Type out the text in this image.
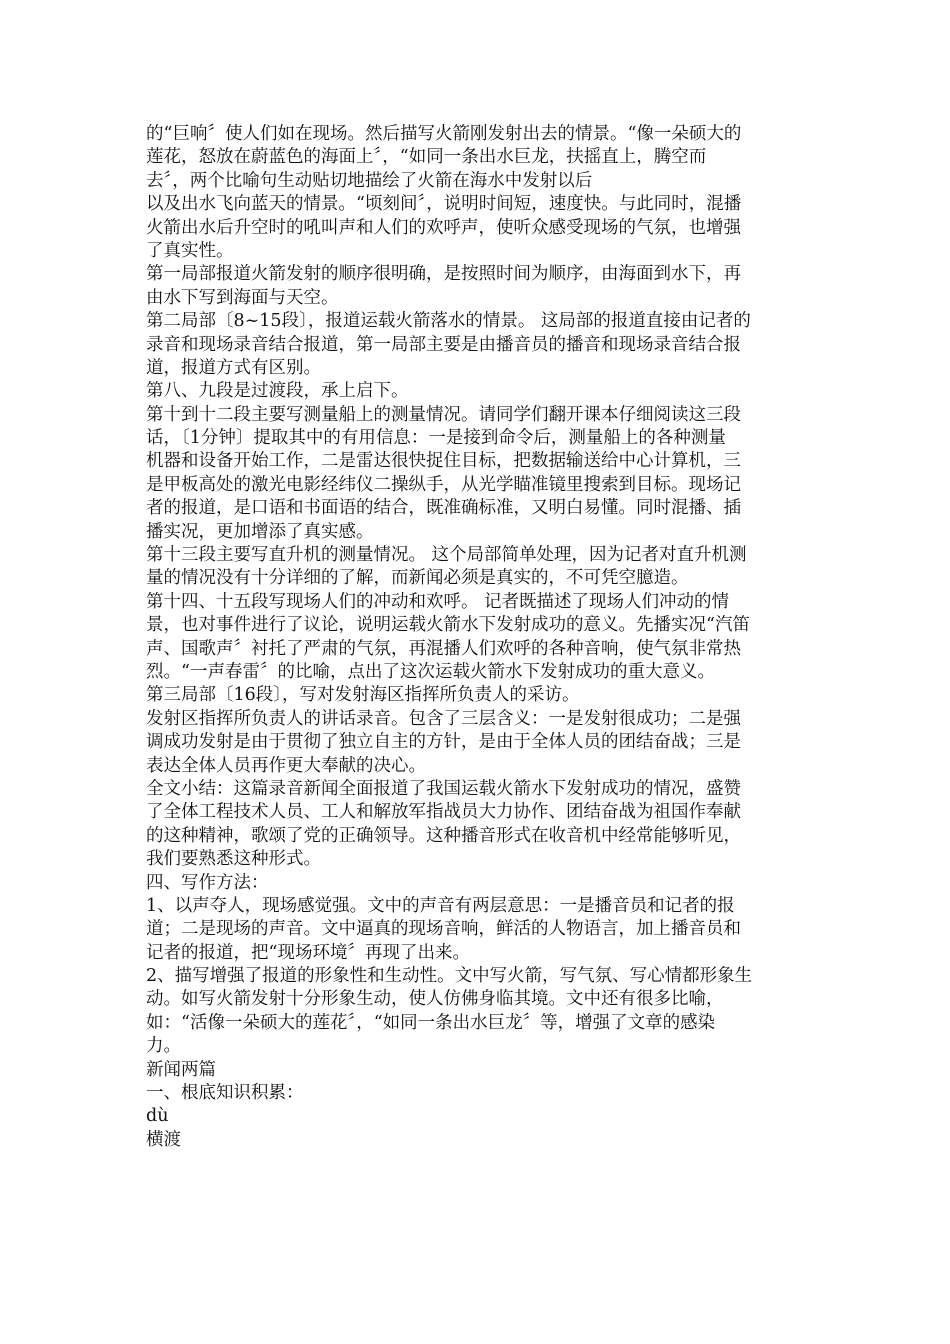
的“巨响〞使人们如在现场。然后描写火箭刚发射出去的情景。“像一朵硕大的
莲花，怒放在蔚蓝色的海面上〞，“如同一条出水巨龙，扶摇直上，腾空而
去〞，两个比喻句生动贴切地描绘了火箭在海水中发射以后
以及出水飞向蓝天的情景。“顷刻间〞，说明时间短，速度快。与此同时，混播
火箭出水后升空时的吼叫声和人们的欢呼声，使听众感受现场的气氛，也增强
了真实性。
第一局部报道火箭发射的顺序很明确，是按照时间为顺序，由海面到水下，再
由水下写到海面与天空。
第二局部〔8~15段〕，报道运载火箭落水的情景。 这局部的报道直接由记者的
录音和现场录音结合报道，第一局部主要是由播音员的播音和现场录音结合报
道，报道方式有区别。
第八、九段是过渡段，承上启下。
第十到十二段主要写测量船上的测量情况。请同学们翻开课本仔细阅读这三段
话，〔1分钟〕提取其中的有用信息：一是接到命令后，测量船上的各种测量
机器和设备开始工作，二是雷达很快捉住目标，把数据输送给中心计算机，三
是甲板高处的激光电影经纬仪二操纵手，从光学瞄准镜里搜索到目标。现场记
者的报道，是口语和书面语的结合，既准确标准，又明白易懂。同时混播、插
播实况，更加增添了真实感。
第十三段主要写直升机的测量情况。 这个局部简单处理，因为记者对直升机测
量的情况没有十分详细的了解，而新闻必须是真实的，不可凭空臆造。
第十四、十五段写现场人们的冲动和欢呼。 记者既描述了现场人们冲动的情
景，也对事件进行了议论，说明运载火箭水下发射成功的意义。先播实况“汽笛
声、国歌声〞衬托了严肃的气氛，再混播人们欢呼的各种音响，使气氛非常热
烈。“一声春雷〞的比喻，点出了这次运载火箭水下发射成功的重大意义。
第三局部〔16段〕，写对发射海区指挥所负责人的采访。
发射区指挥所负责人的讲话录音。包含了三层含义：一是发射很成功；二是强
调成功发射是由于贯彻了独立自主的方针，是由于全体人员的团结奋战；三是
表达全体人员再作更大奉献的决心。
全文小结：这篇录音新闻全面报道了我国运载火箭水下发射成功的情况，盛赞
了全体工程技术人员、工人和解放军指战员大力协作、团结奋战为祖国作奉献
的这种精神，歌颂了党的正确领导。这种播音形式在收音机中经常能够听见，
我们要熟悉这种形式。
四、写作方法：
1、以声夺人，现场感觉强。文中的声音有两层意思：一是播音员和记者的报
道；二是现场的声音。文中逼真的现场音响，鲜活的人物语言，加上播音员和
记者的报道，把“现场环境〞再现了出来。
2、描写增强了报道的形象性和生动性。文中写火箭，写气氛、写心情都形象生
动。如写火箭发射十分形象生动，使人仿佛身临其境。文中还有很多比喻，
如：“活像一朵硕大的莲花〞，“如同一条出水巨龙〞等，增强了文章的感染
力。
新闻两篇
一、根底知识积累：
dù
横渡
